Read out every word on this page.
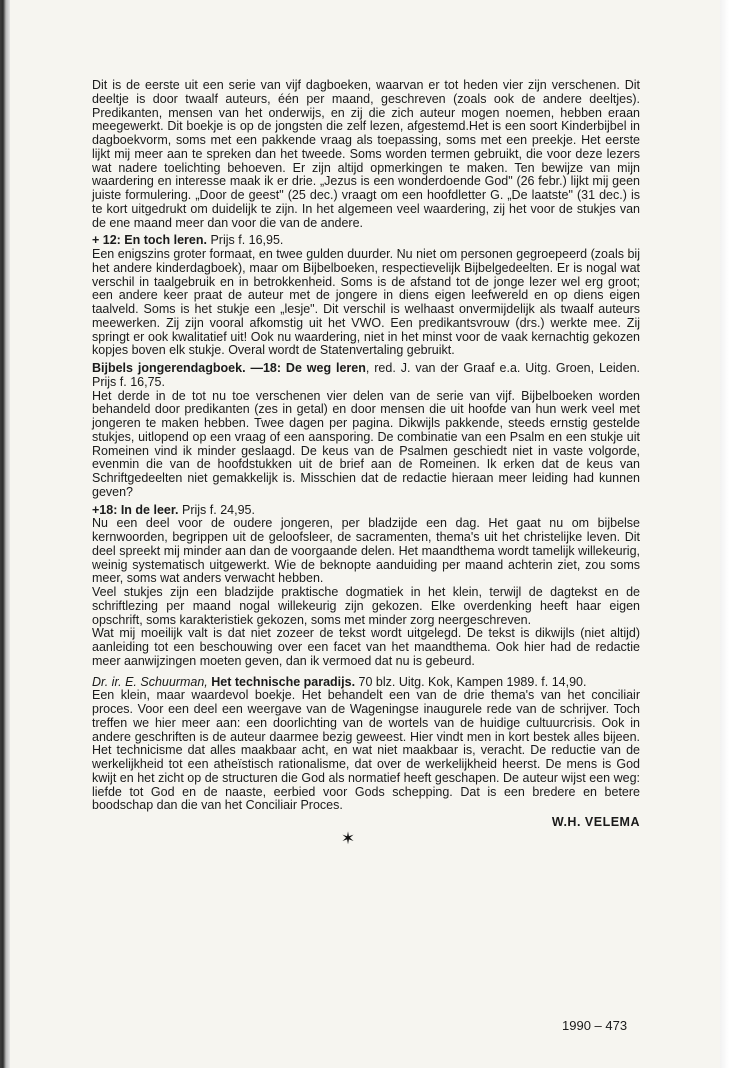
Dit is de eerste uit een serie van vijf dagboeken, waarvan er tot heden vier zijn verschenen. Dit deeltje is door twaalf auteurs, één per maand, geschreven (zoals ook de andere deeltjes). Predikanten, mensen van het onderwijs, en zij die zich auteur mogen noemen, hebben eraan meegewerkt. Dit boekje is op de jongsten die zelf lezen, afgestemd.Het is een soort Kinderbijbel in dagboekvorm, soms met een pakkende vraag als toepassing, soms met een preekje. Het eerste lijkt mij meer aan te spreken dan het tweede. Soms worden termen gebruikt, die voor deze lezers wat nadere toelichting behoeven. Er zijn altijd opmerkingen te maken. Ten bewijze van mijn waardering en interesse maak ik er drie. „Jezus is een wonderdoende God" (26 febr.) lijkt mij geen juiste formulering. „Door de geest" (25 dec.) vraagt om een hoofdletter G. „De laatste" (31 dec.) is te kort uitgedrukt om duidelijk te zijn. In het algemeen veel waardering, zij het voor de stukjes van de ene maand meer dan voor die van de andere.

+ 12: En toch leren. Prijs f. 16,95.

Een enigszins groter formaat, en twee gulden duurder. Nu niet om personen gegroepeerd (zoals bij het andere kinderdagboek), maar om Bijbelboeken, respectievelijk Bijbelgedeelten. Er is nogal wat verschil in taalgebruik en in betrokkenheid. Soms is de afstand tot de jonge lezer wel erg groot; een andere keer praat de auteur met de jongere in diens eigen leefwereld en op diens eigen taalveld. Soms is het stukje een „lesje". Dit verschil is welhaast onvermijdelijk als twaalf auteurs meewerken. Zij zijn vooral afkomstig uit het VWO. Een predikantsvrouw (drs.) werkte mee. Zij springt er ook kwalitatief uit! Ook nu waardering, niet in het minst voor de vaak kernachtig gekozen kopjes boven elk stukje. Overal wordt de Statenvertaling gebruikt.

Bijbels jongerendagboek. —18: De weg leren, red. J. van der Graaf e.a. Uitg. Groen, Leiden. Prijs f. 16,75.

Het derde in de tot nu toe verschenen vier delen van de serie van vijf. Bijbelboeken worden behandeld door predikanten (zes in getal) en door mensen die uit hoofde van hun werk veel met jongeren te maken hebben. Twee dagen per pagina. Dikwijls pakkende, steeds ernstig gestelde stukjes, uitlopend op een vraag of een aansporing. De combinatie van een Psalm en een stukje uit Romeinen vind ik minder geslaagd. De keus van de Psalmen geschiedt niet in vaste volgorde, evenmin die van de hoofdstukken uit de brief aan de Romeinen. Ik erken dat de keus van Schriftgedeelten niet gemakkelijk is. Misschien dat de redactie hieraan meer leiding had kunnen geven?

+18: In de leer. Prijs f. 24,95.

Nu een deel voor de oudere jongeren, per bladzijde een dag. Het gaat nu om bijbelse kernwoorden, begrippen uit de geloofsleer, de sacramenten, thema's uit het christelijke leven. Dit deel spreekt mij minder aan dan de voorgaande delen. Het maandthema wordt tamelijk willekeurig, weinig systematisch uitgewerkt. Wie de beknopte aanduiding per maand achterin ziet, zou soms meer, soms wat anders verwacht hebben.

Veel stukjes zijn een bladzijde praktische dogmatiek in het klein, terwijl de dagtekst en de schriftlezing per maand nogal willekeurig zijn gekozen. Elke overdenking heeft haar eigen opschrift, soms karakteristiek gekozen, soms met minder zorg neergeschreven.

Wat mij moeilijk valt is dat niet zozeer de tekst wordt uitgelegd. De tekst is dikwijls (niet altijd) aanleiding tot een beschouwing over een facet van het maandthema. Ook hier had de redactie meer aanwijzingen moeten geven, dan ik vermoed dat nu is gebeurd.

Dr. ir. E. Schuurman, Het technische paradijs. 70 blz. Uitg. Kok, Kampen 1989. f. 14,90.

Een klein, maar waardevol boekje. Het behandelt een van de drie thema's van het conciliair proces. Voor een deel een weergave van de Wageningse inaugurele rede van de schrijver. Toch treffen we hier meer aan: een doorlichting van de wortels van de huidige cultuurcrisis. Ook in andere geschriften is de auteur daarmee bezig geweest. Hier vindt men in kort bestek alles bijeen. Het technicisme dat alles maakbaar acht, en wat niet maakbaar is, veracht. De reductie van de werkelijkheid tot een atheïstisch rationalisme, dat over de werkelijkheid heerst. De mens is God kwijt en het zicht op de structuren die God als normatief heeft geschapen. De auteur wijst een weg: liefde tot God en de naaste, eerbied voor Gods schepping. Dat is een bredere en betere boodschap dan die van het Conciliair Proces.

W.H. VELEMA
✶
1990 – 473
